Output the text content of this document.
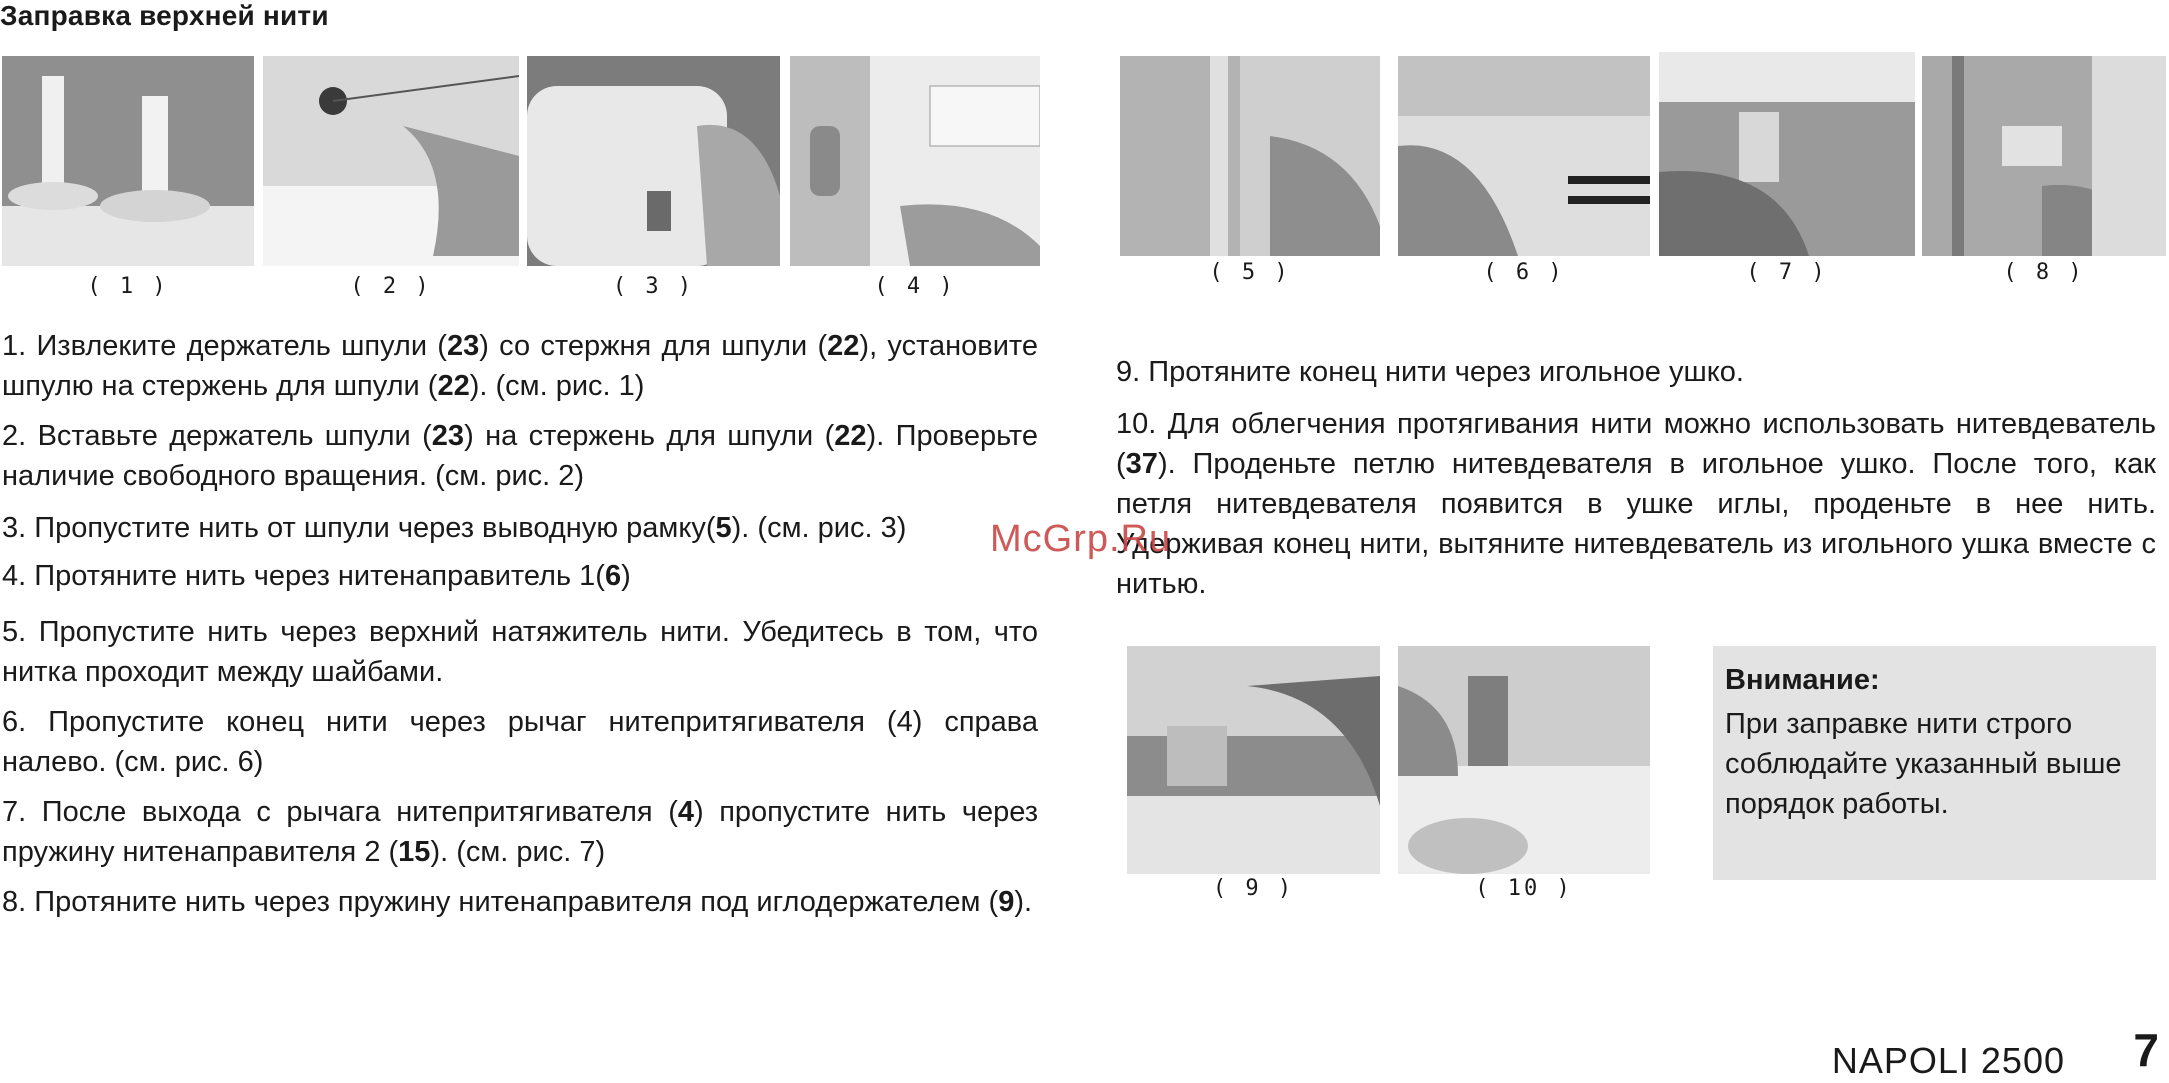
Заправка верхней нити
( 1 )	( 2 )	( 3 )	( 4 )
( 5 )	( 6 )	( 7 )	( 8 )

1. Извлеките держатель шпули (23) со стержня для шпули (22), установите шпулю на стержень для шпули (22). (см. рис. 1)

2. Вставьте держатель шпули (23) на стержень для шпули (22). Проверьте наличие свободного вращения. (см. рис. 2)

3. Пропустите нить от шпули через выводную рамку(5). (см. рис. 3)

4. Протяните нить через нитенаправитель 1(6)

5. Пропустите нить через верхний натяжитель нити. Убедитесь в том, что нитка проходит между шайбами.

6. Пропустите конец нити через рычаг нитепритягивателя (4) справа налево. (см. рис. 6)

7. После выхода с рычага нитепритягивателя (4) пропустите нить через пружину нитенаправителя 2 (15). (см. рис. 7)

8. Протяните нить через пружину нитенаправителя под иглодержателем (9).

9. Протяните конец нити через игольное ушко.

10. Для облегчения протягивания нити можно использовать нитевдеватель (37). Проденьте петлю нитевдевателя в игольное ушко. После того, как петля нитевдевателя появится в ушке иглы, проденьте в нее нить. Удерживая конец нити, вытяните нитевдеватель из игольного ушка вместе с нитью.

( 9 )	( 10 )
Внимание:
При заправке нити строго соблюдайте указанный выше порядок работы.
McGrp.Ru
NAPOLI 2500 7
